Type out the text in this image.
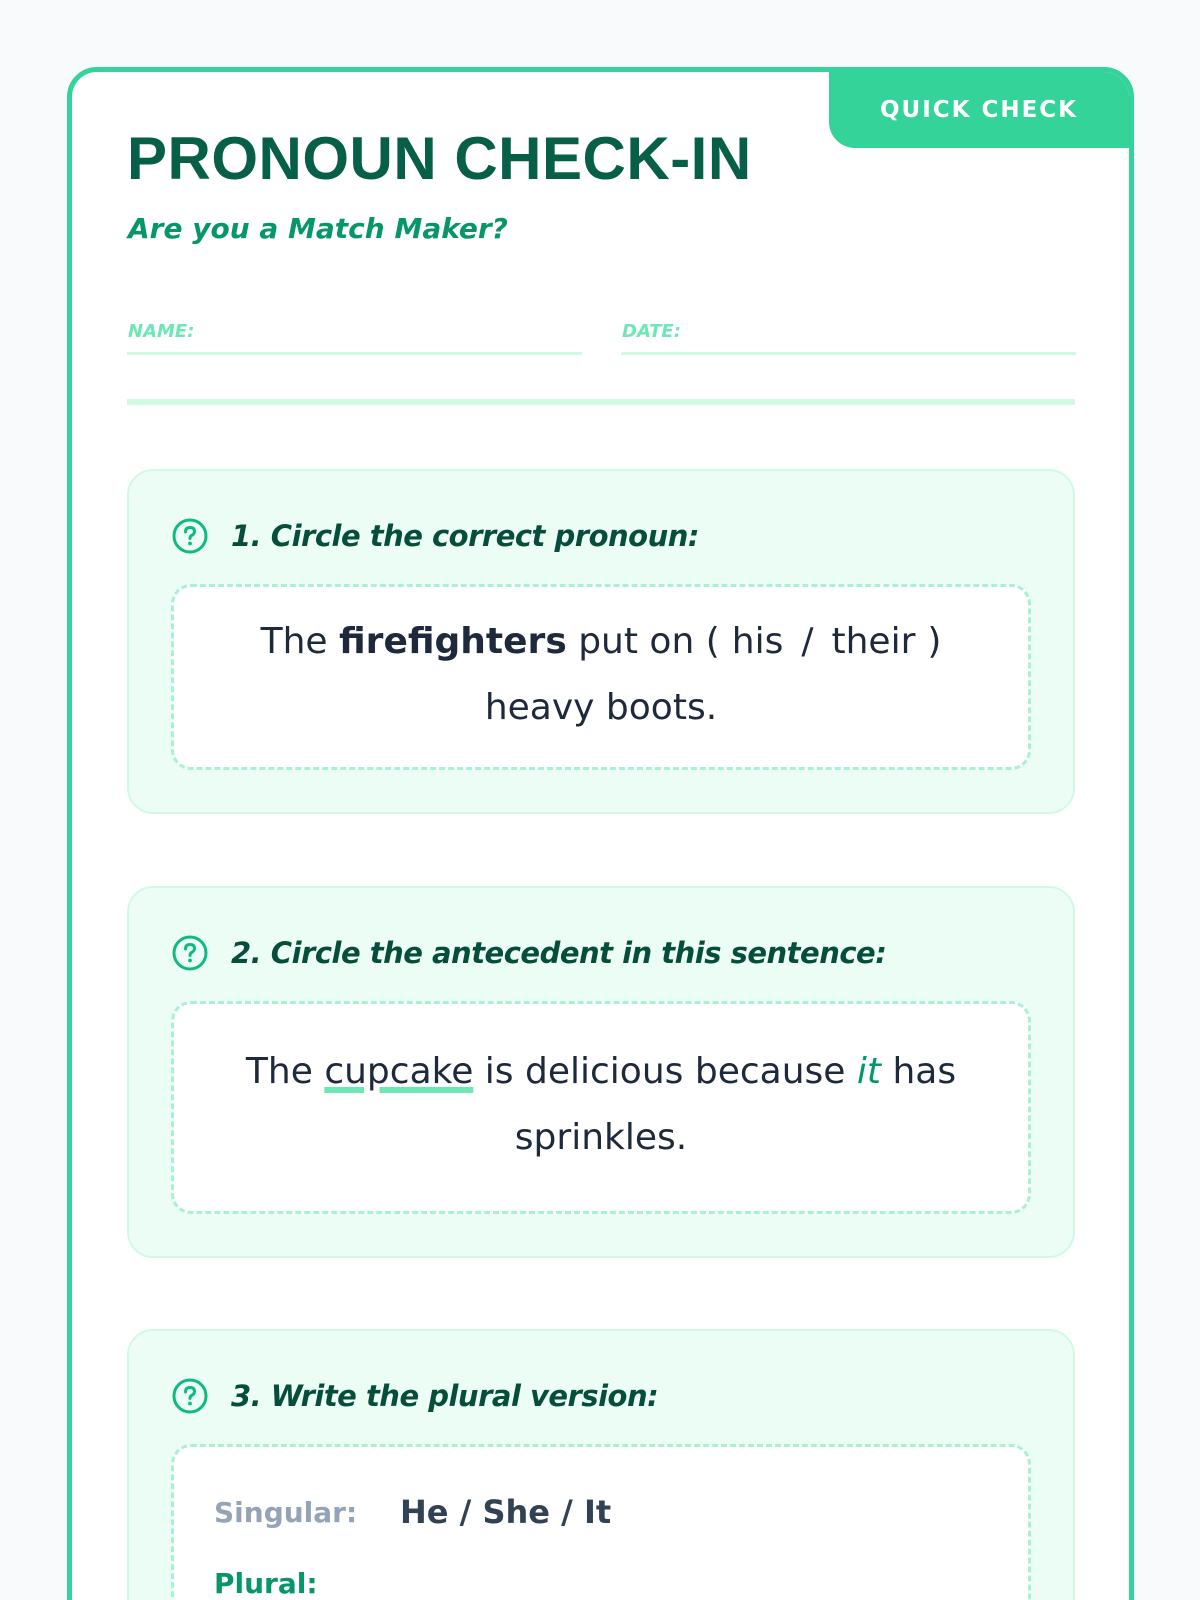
QUICK CHECK
PRONOUN CHECK-IN
Are you a Match Maker?
NAME:	DATE:
1. Circle the correct pronoun:

The firefighters put on ( his / their ) heavy boots.

2. Circle the antecedent in this sentence:

The cupcake is delicious because it has sprinkles.

3. Write the plural version:
Singular:	He / She / It
Plural:
